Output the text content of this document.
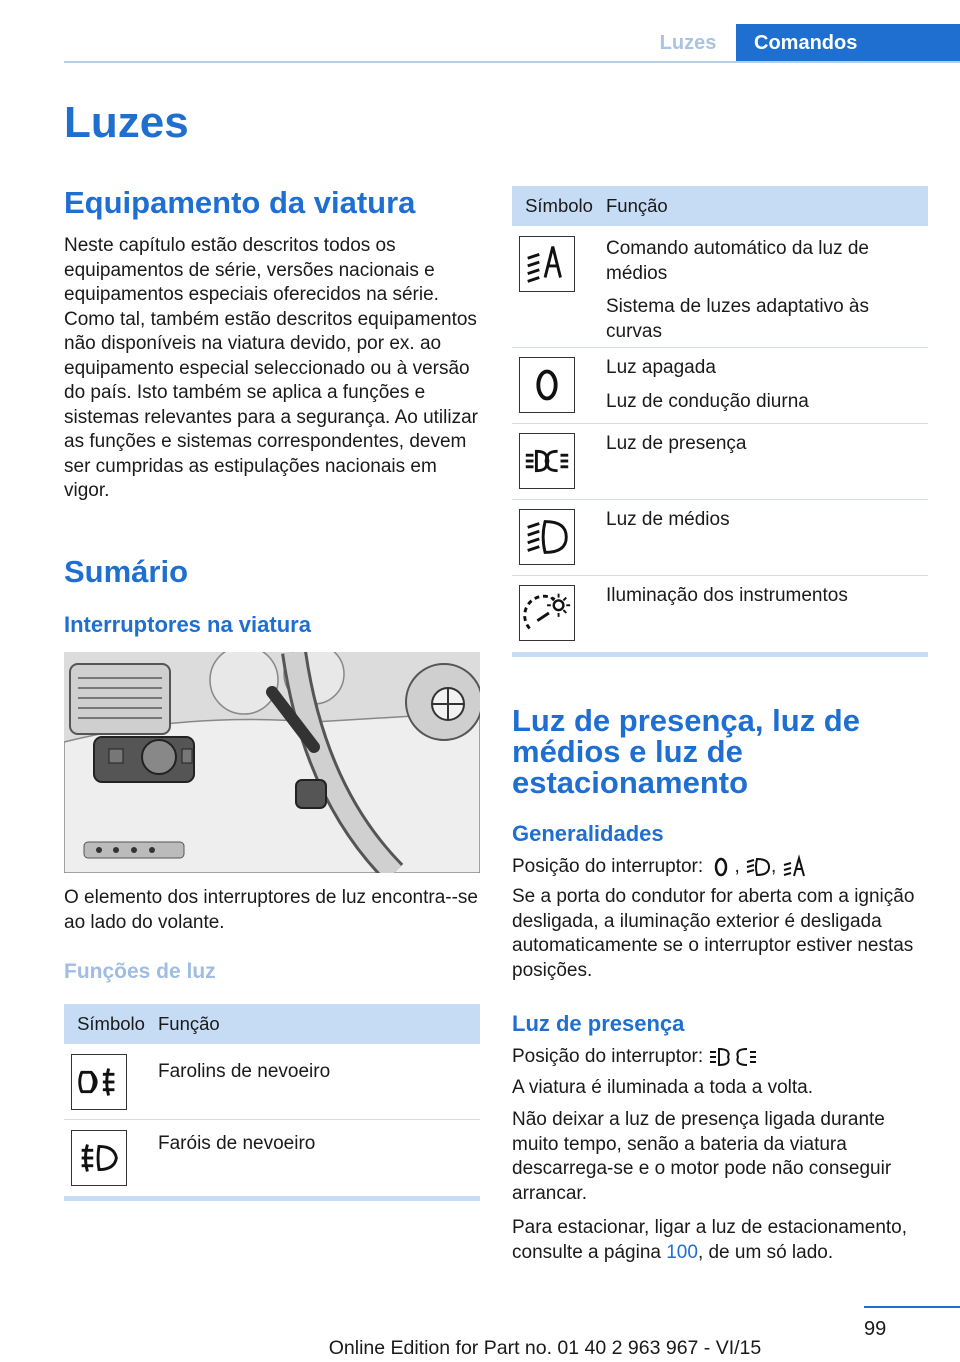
Luzes	Comandos
Luzes
Equipamento da viatura
Neste capítulo estão descritos todos os equipamentos de série, versões nacionais e equipamentos especiais oferecidos na série. Como tal, também estão descritos equipamentos não disponíveis na viatura devido, por ex. ao equipamento especial seleccionado ou à versão do país. Isto também se aplica a funções e sistemas relevantes para a segurança. Ao utilizar as funções e sistemas correspondentes, devem ser cumpridas as estipulações nacionais em vigor.
Sumário
Interruptores na viatura
O elemento dos interruptores de luz encontra--se ao lado do volante.
Funções de luz
Símbolo Função
Farolins de nevoeiro
Faróis de nevoeiro
Símbolo Função
Comando automático da luz de médios
Sistema de luzes adaptativo às curvas
Luz apagada
Luz de condução diurna
Luz de presença
Luz de médios
Iluminação dos instrumentos
Luz de presença, luz de médios e luz de estacionamento
Generalidades
Posição do interruptor: , ,
Se a porta do condutor for aberta com a ignição desligada, a iluminação exterior é desligada automaticamente se o interruptor estiver nestas posições.
Luz de presença
Posição do interruptor:
A viatura é iluminada a toda a volta.
Não deixar a luz de presença ligada durante muito tempo, senão a bateria da viatura descarrega-se e o motor pode não conseguir arrancar.
Para estacionar, ligar a luz de estacionamento, consulte a página 100, de um só lado.
99
Online Edition for Part no. 01 40 2 963 967 - VI/15
